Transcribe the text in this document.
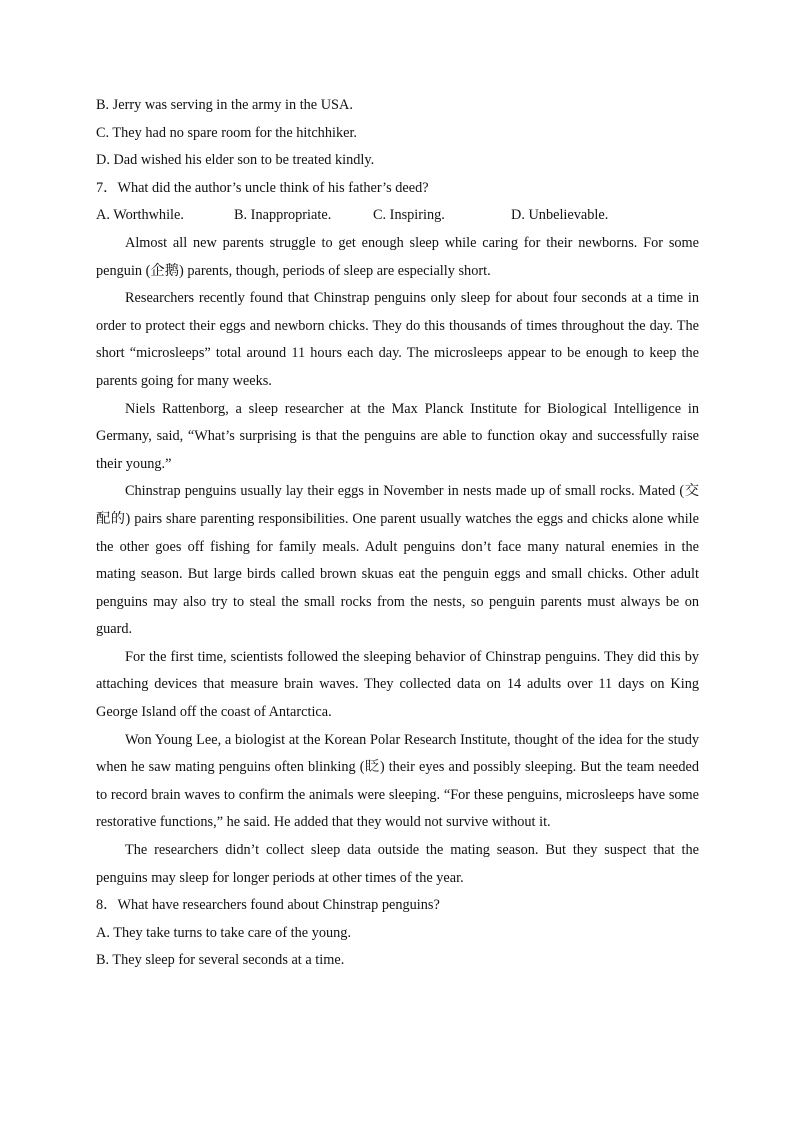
B. Jerry was serving in the army in the USA.
C. They had no spare room for the hitchhiker.
D. Dad wished his elder son to be treated kindly.
7．What did the author’s uncle think of his father’s deed?
A. Worthwhile.	B. Inappropriate.	C. Inspiring.	D. Unbelievable.

Almost all new parents struggle to get enough sleep while caring for their newborns. For some penguin (企鹅) parents, though, periods of sleep are especially short.

Researchers recently found that Chinstrap penguins only sleep for about four seconds at a time in order to protect their eggs and newborn chicks. They do this thousands of times throughout the day. The short “microsleeps” total around 11 hours each day. The microsleeps appear to be enough to keep the parents going for many weeks.

Niels Rattenborg, a sleep researcher at the Max Planck Institute for Biological Intelligence in Germany, said, “What’s surprising is that the penguins are able to function okay and successfully raise their young.”

Chinstrap penguins usually lay their eggs in November in nests made up of small rocks. Mated (交配的) pairs share parenting responsibilities. One parent usually watches the eggs and chicks alone while the other goes off fishing for family meals. Adult penguins don’t face many natural enemies in the mating season. But large birds called brown skuas eat the penguin eggs and small chicks. Other adult penguins may also try to steal the small rocks from the nests, so penguin parents must always be on guard.

For the first time, scientists followed the sleeping behavior of Chinstrap penguins. They did this by attaching devices that measure brain waves. They collected data on 14 adults over 11 days on King George Island off the coast of Antarctica.

Won Young Lee, a biologist at the Korean Polar Research Institute, thought of the idea for the study when he saw mating penguins often blinking (眨) their eyes and possibly sleeping. But the team needed to record brain waves to confirm the animals were sleeping. “For these penguins, microsleeps have some restorative functions,” he said. He added that they would not survive without it.

The researchers didn’t collect sleep data outside the mating season. But they suspect that the penguins may sleep for longer periods at other times of the year.

8．What have researchers found about Chinstrap penguins?
A. They take turns to take care of the young.
B. They sleep for several seconds at a time.
